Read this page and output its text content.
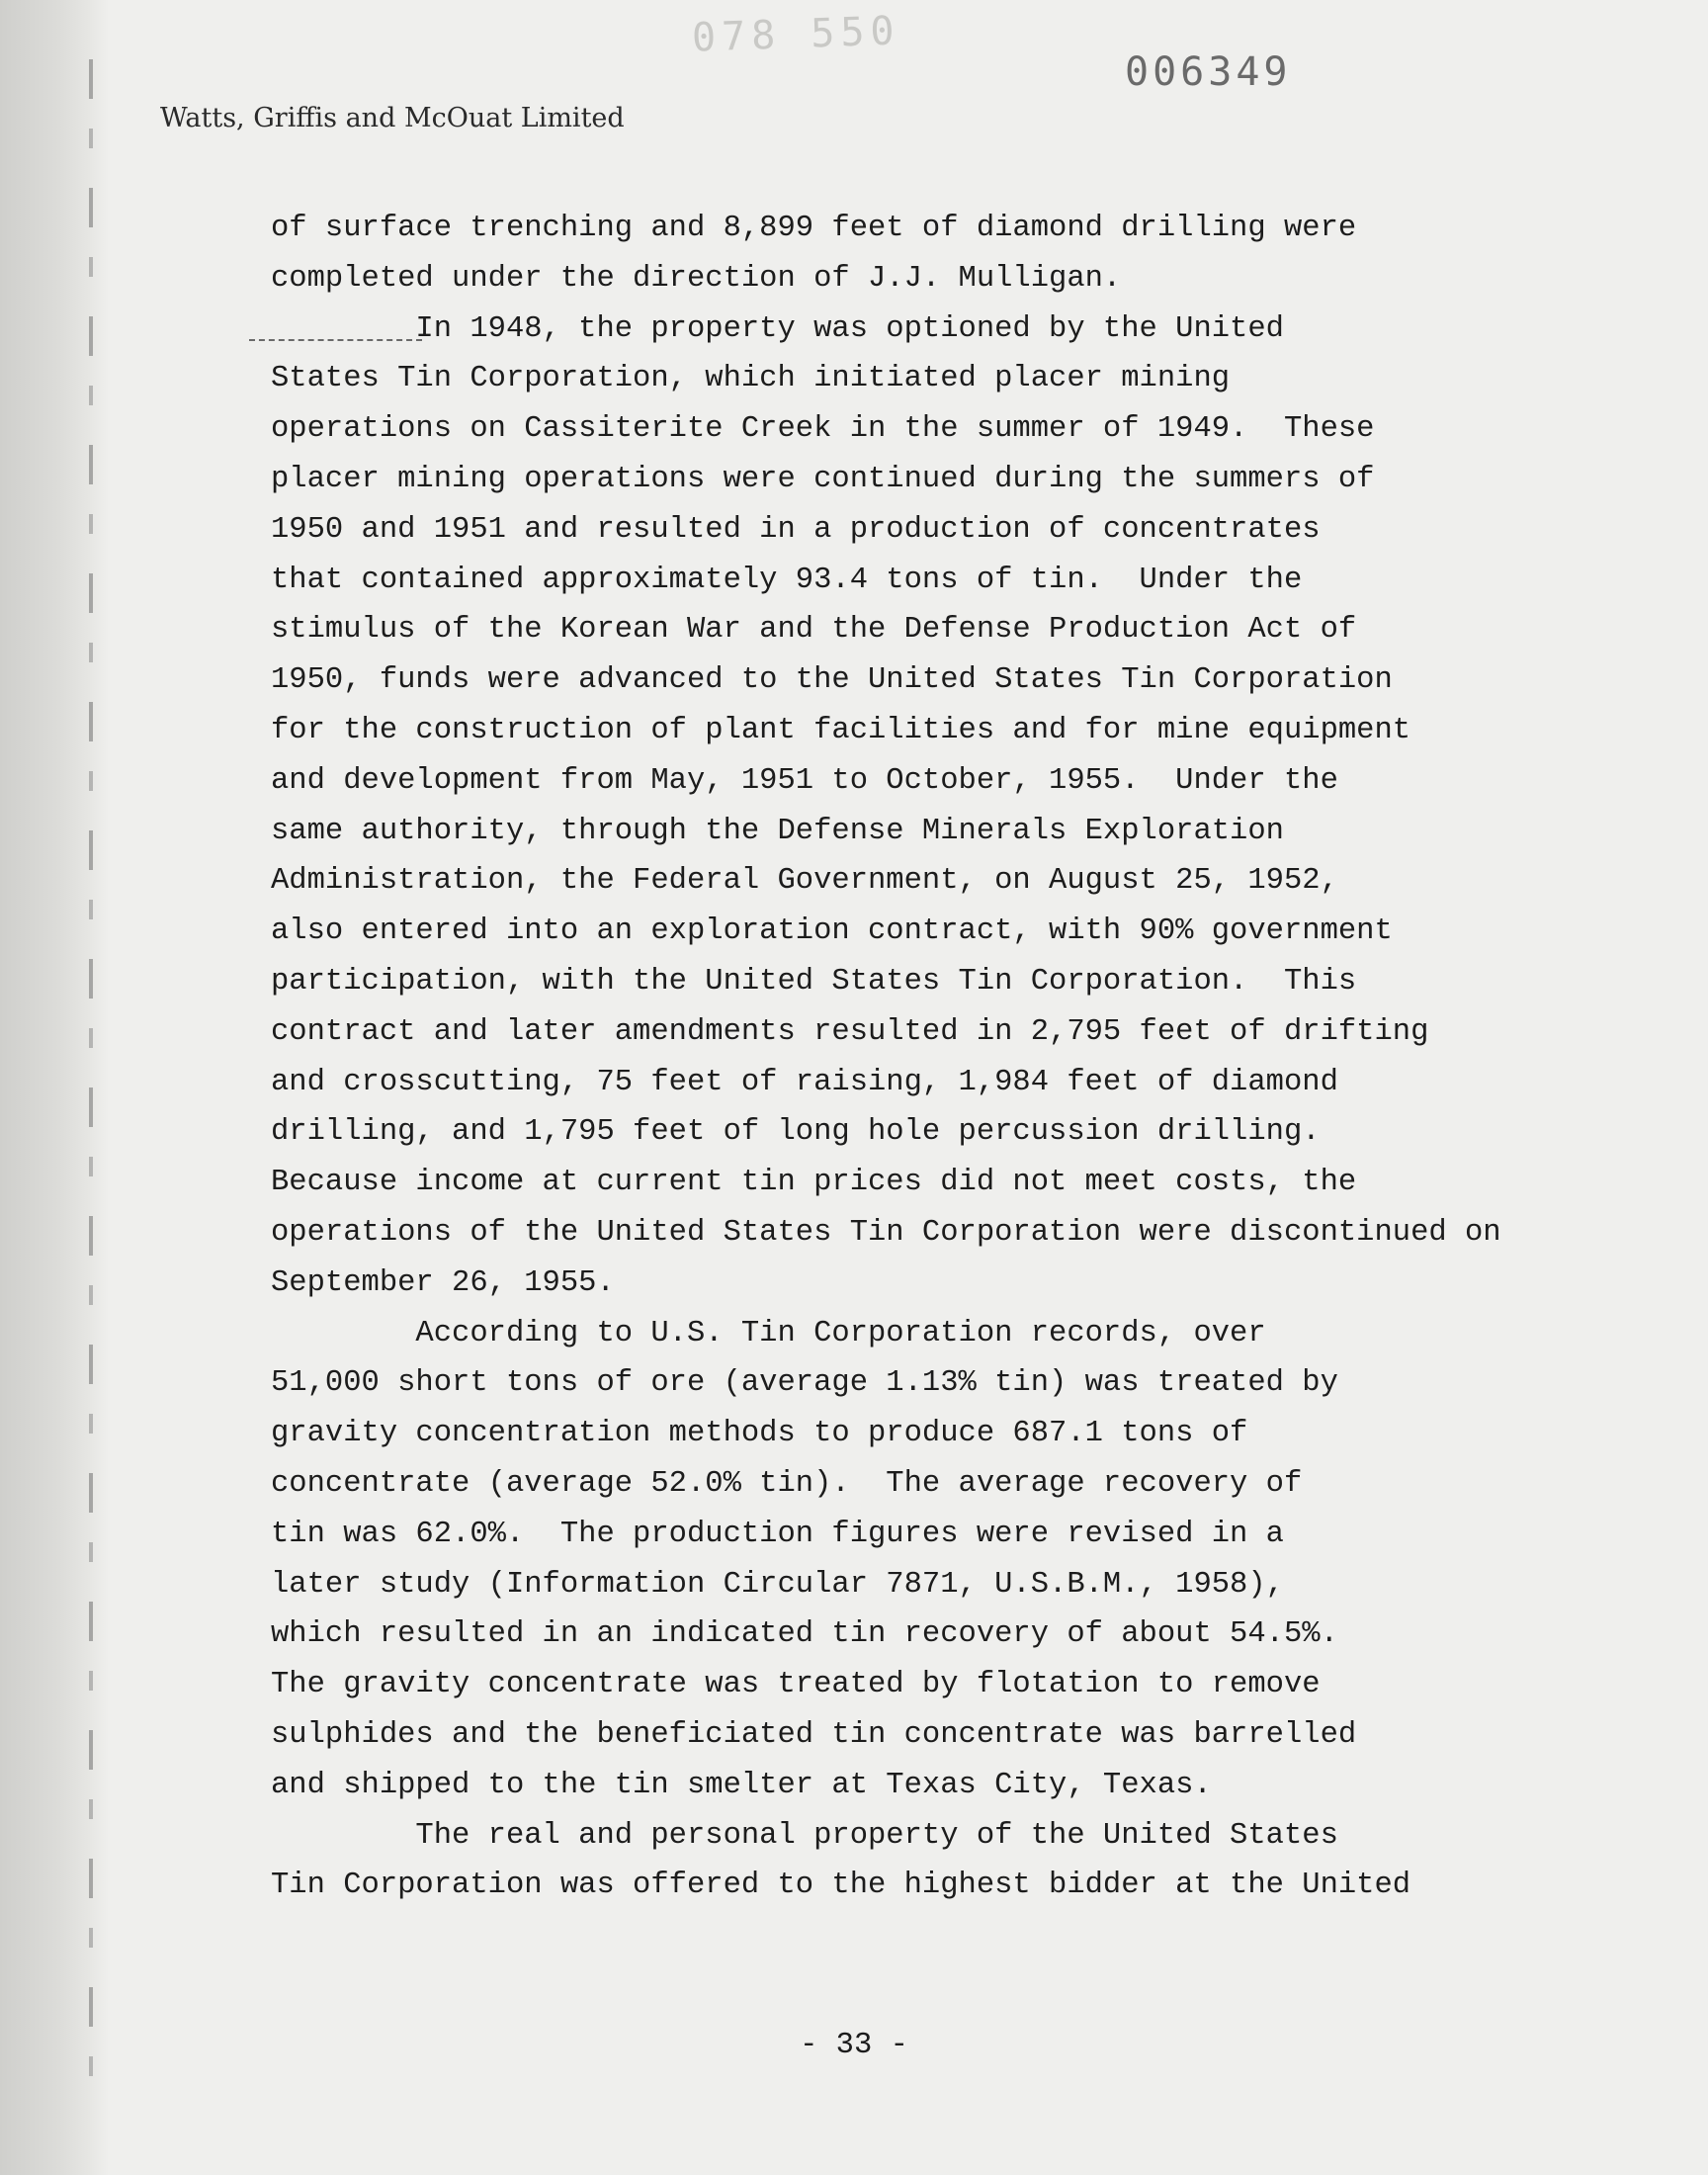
078 550
006349
Watts, Griffis and McOuat Limited
of surface trenching and 8,899 feet of diamond drilling were
completed under the direction of J.J. Mulligan.
In 1948, the property was optioned by the United
States Tin Corporation, which initiated placer mining
operations on Cassiterite Creek in the summer of 1949.  These
placer mining operations were continued during the summers of
1950 and 1951 and resulted in a production of concentrates
that contained approximately 93.4 tons of tin.  Under the
stimulus of the Korean War and the Defense Production Act of
1950, funds were advanced to the United States Tin Corporation
for the construction of plant facilities and for mine equipment
and development from May, 1951 to October, 1955.  Under the
same authority, through the Defense Minerals Exploration
Administration, the Federal Government, on August 25, 1952,
also entered into an exploration contract, with 90% government
participation, with the United States Tin Corporation.  This
contract and later amendments resulted in 2,795 feet of drifting
and crosscutting, 75 feet of raising, 1,984 feet of diamond
drilling, and 1,795 feet of long hole percussion drilling.
Because income at current tin prices did not meet costs, the
operations of the United States Tin Corporation were discontinued on
September 26, 1955.
According to U.S. Tin Corporation records, over
51,000 short tons of ore (average 1.13% tin) was treated by
gravity concentration methods to produce 687.1 tons of
concentrate (average 52.0% tin).  The average recovery of
tin was 62.0%.  The production figures were revised in a
later study (Information Circular 7871, U.S.B.M., 1958),
which resulted in an indicated tin recovery of about 54.5%.
The gravity concentrate was treated by flotation to remove
sulphides and the beneficiated tin concentrate was barrelled
and shipped to the tin smelter at Texas City, Texas.
The real and personal property of the United States
Tin Corporation was offered to the highest bidder at the United
- 33 -
